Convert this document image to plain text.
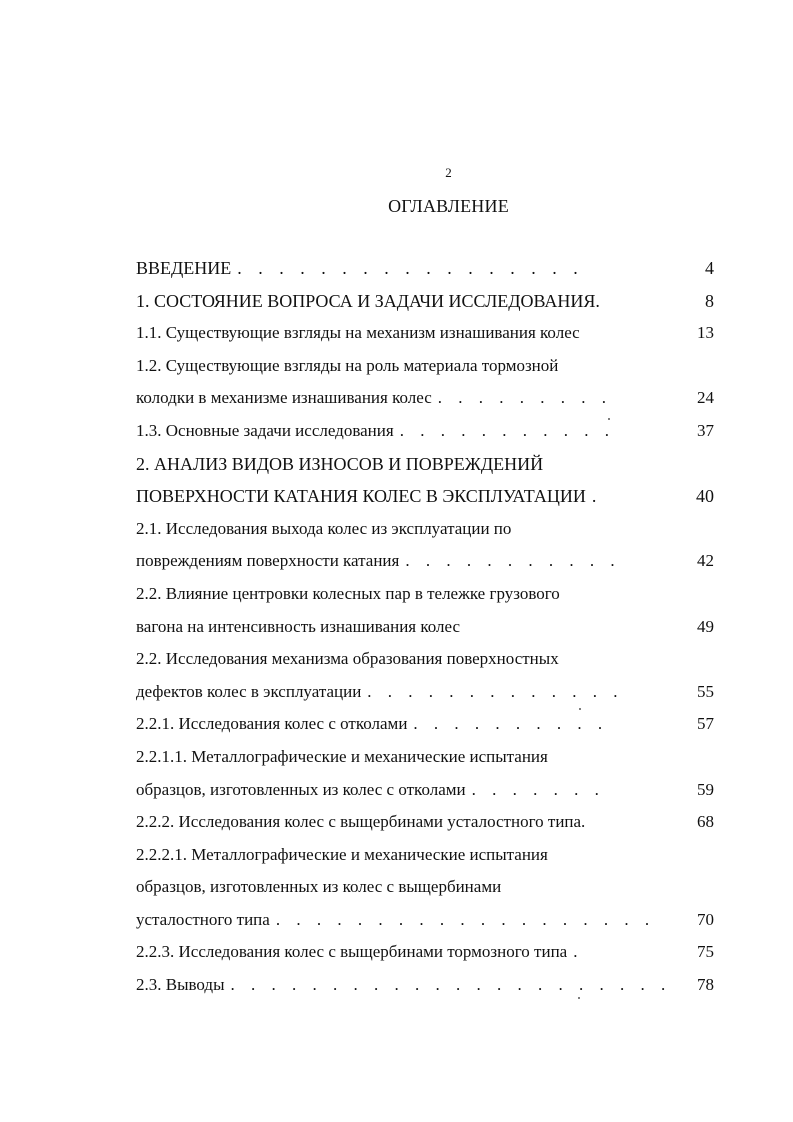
2
ОГЛАВЛЕНИЕ
ВВЕДЕНИЕ . . . . . . . . . . . . . . . . .	4
1. СОСТОЯНИЕ ВОПРОСА И ЗАДАЧИ ИССЛЕДОВАНИЯ.	8
1.1. Существующие взгляды на механизм изнашивания колес	13
1.2. Существующие взгляды на роль материала тормозной
колодки в механизме изнашивания колес . . . . . . . . .	24
1.3. Основные задачи исследования . . . . . . . . . . .	37
2. АНАЛИЗ ВИДОВ ИЗНОСОВ И ПОВРЕЖДЕНИЙ
ПОВЕРХНОСТИ КАТАНИЯ КОЛЕС В ЭКСПЛУАТАЦИИ .	40
2.1. Исследования выхода колес из эксплуатации по
повреждениям поверхности катания . . . . . . . . . . .	42
2.2. Влияние центровки колесных пар в тележке грузового
вагона на интенсивность изнашивания колес	49
2.2. Исследования механизма образования поверхностных
дефектов колес в эксплуатации . . . . . . . . . . . . .	55
2.2.1. Исследования колес с отколами . . . . . . . . . .	57
2.2.1.1. Металлографические и механические испытания
образцов, изготовленных из колес с отколами . . . . . . .	59
2.2.2. Исследования колес с выщербинами усталостного типа.	68
2.2.2.1. Металлографические и механические испытания
образцов, изготовленных из колес с выщербинами
усталостного типа . . . . . . . . . . . . . . . . . . .	70
2.2.3. Исследования колес с выщербинами тормозного типа .	75
2.3. Выводы . . . . . . . . . . . . . . . . . . . . . .	78
